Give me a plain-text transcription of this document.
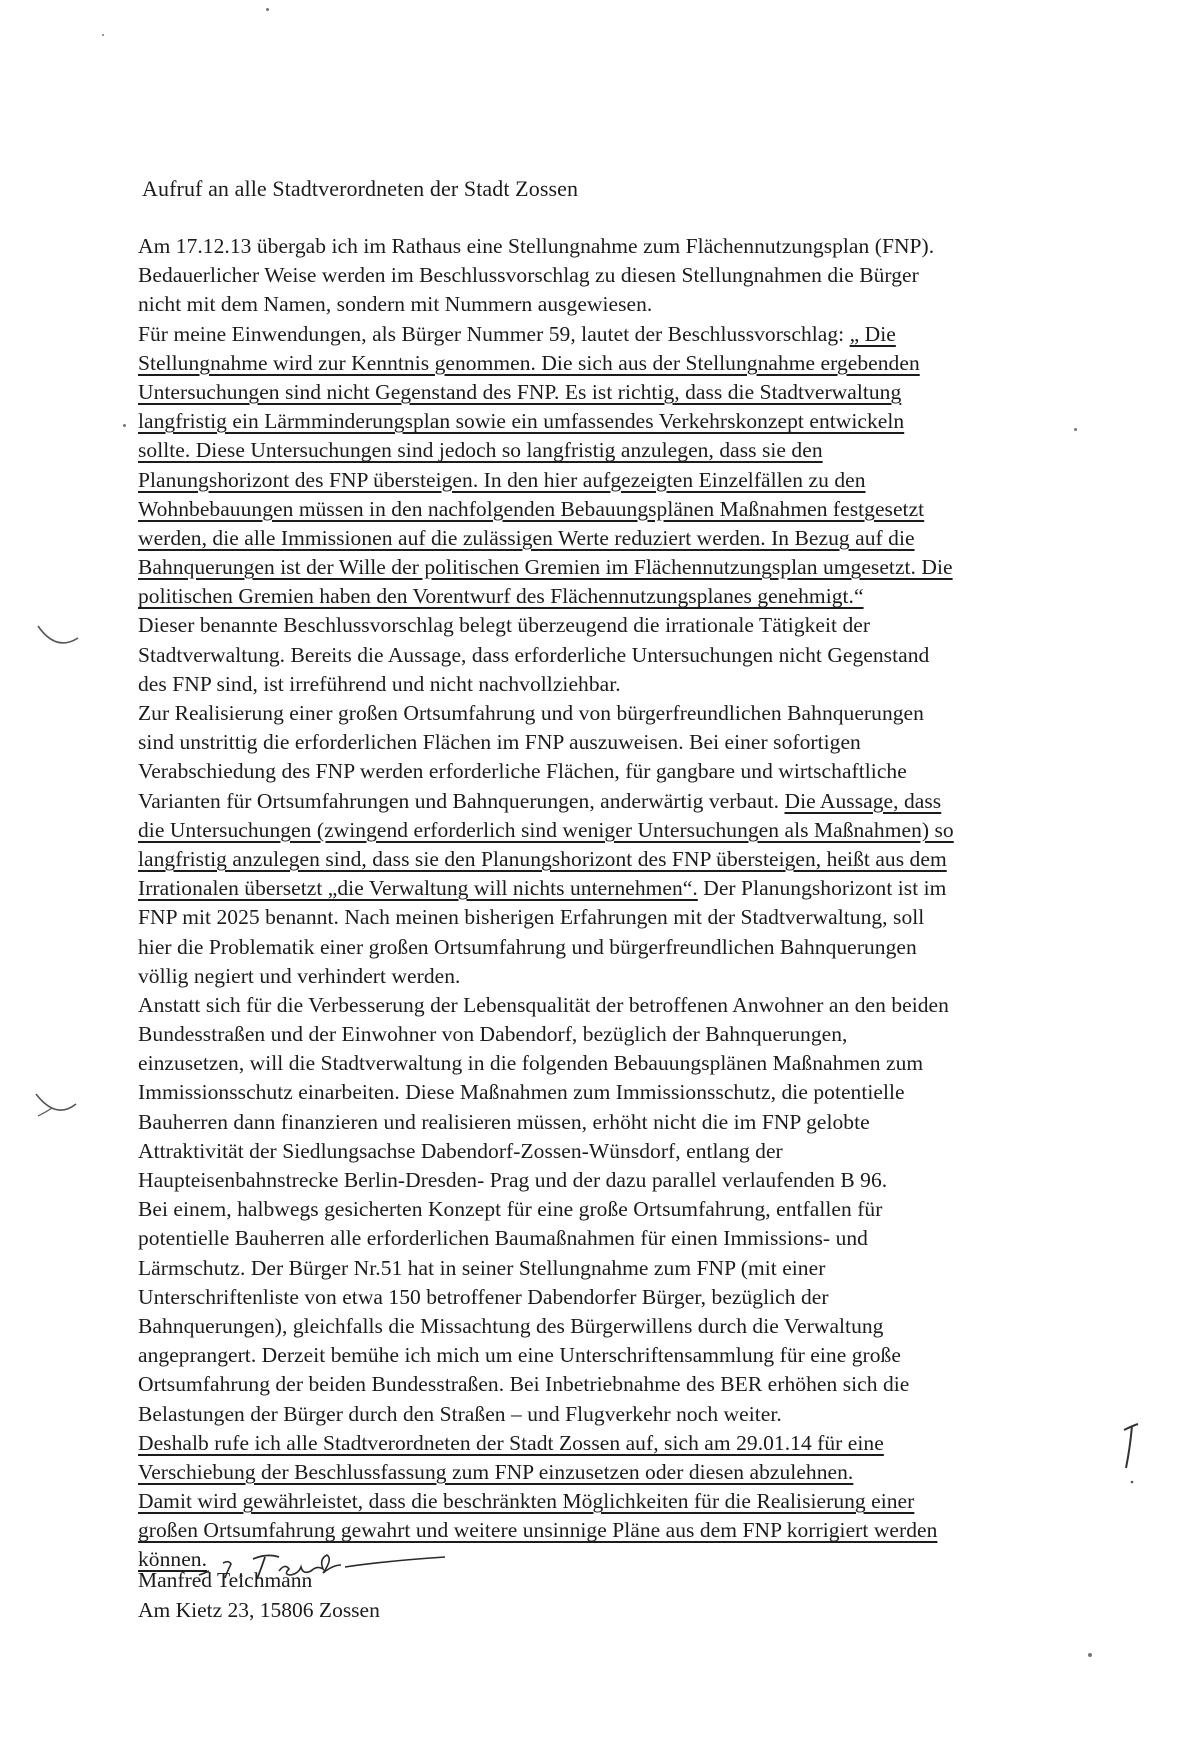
Aufruf an alle Stadtverordneten der Stadt Zossen
Am 17.12.13 übergab ich im Rathaus eine Stellungnahme zum Flächennutzungsplan (FNP).
Bedauerlicher Weise werden im Beschlussvorschlag zu diesen Stellungnahmen die Bürger
nicht mit dem Namen, sondern mit Nummern ausgewiesen.
Für meine Einwendungen, als Bürger Nummer 59, lautet der Beschlussvorschlag: „ Die
Stellungnahme wird zur Kenntnis genommen. Die sich aus der Stellungnahme ergebenden
Untersuchungen sind nicht Gegenstand des FNP. Es ist richtig, dass die Stadtverwaltung
langfristig ein Lärmminderungsplan sowie ein umfassendes Verkehrskonzept entwickeln
sollte. Diese Untersuchungen sind jedoch so langfristig anzulegen, dass sie den
Planungshorizont des FNP übersteigen. In den hier aufgezeigten Einzelfällen zu den
Wohnbebauungen müssen in den nachfolgenden Bebauungsplänen Maßnahmen festgesetzt
werden, die alle Immissionen auf die zulässigen Werte reduziert werden. In Bezug auf die
Bahnquerungen ist der Wille der politischen Gremien im Flächennutzungsplan umgesetzt. Die
politischen Gremien haben den Vorentwurf des Flächennutzungsplanes genehmigt.“
Dieser benannte Beschlussvorschlag belegt überzeugend die irrationale Tätigkeit der
Stadtverwaltung. Bereits die Aussage, dass erforderliche Untersuchungen nicht Gegenstand
des FNP sind, ist irreführend und nicht nachvollziehbar.
Zur Realisierung einer großen Ortsumfahrung und von bürgerfreundlichen Bahnquerungen
sind unstrittig die erforderlichen Flächen im FNP auszuweisen. Bei einer sofortigen
Verabschiedung des FNP werden erforderliche Flächen, für gangbare und wirtschaftliche
Varianten für Ortsumfahrungen und Bahnquerungen, anderwärtig verbaut. Die Aussage, dass
die Untersuchungen (zwingend erforderlich sind weniger Untersuchungen als Maßnahmen) so
langfristig anzulegen sind, dass sie den Planungshorizont des FNP übersteigen, heißt aus dem
Irrationalen übersetzt „die Verwaltung will nichts unternehmen“. Der Planungshorizont ist im
FNP mit 2025 benannt. Nach meinen bisherigen Erfahrungen mit der Stadtverwaltung, soll
hier die Problematik einer großen Ortsumfahrung und bürgerfreundlichen Bahnquerungen
völlig negiert und verhindert werden.
Anstatt sich für die Verbesserung der Lebensqualität der betroffenen Anwohner an den beiden
Bundesstraßen und der Einwohner von Dabendorf, bezüglich der Bahnquerungen,
einzusetzen, will die Stadtverwaltung in die folgenden Bebauungsplänen Maßnahmen zum
Immissionsschutz einarbeiten. Diese Maßnahmen zum Immissionsschutz, die potentielle
Bauherren dann finanzieren und realisieren müssen, erhöht nicht die im FNP gelobte
Attraktivität der Siedlungsachse Dabendorf-Zossen-Wünsdorf, entlang der
Haupteisenbahnstrecke Berlin-Dresden- Prag und der dazu parallel verlaufenden B 96.
Bei einem, halbwegs gesicherten Konzept für eine große Ortsumfahrung, entfallen für
potentielle Bauherren alle erforderlichen Baumaßnahmen für einen Immissions- und
Lärmschutz. Der Bürger Nr.51 hat in seiner Stellungnahme zum FNP (mit einer
Unterschriftenliste von etwa 150 betroffener Dabendorfer Bürger, bezüglich der
Bahnquerungen), gleichfalls die Missachtung des Bürgerwillens durch die Verwaltung
angeprangert. Derzeit bemühe ich mich um eine Unterschriftensammlung für eine große
Ortsumfahrung der beiden Bundesstraßen. Bei Inbetriebnahme des BER erhöhen sich die
Belastungen der Bürger durch den Straßen – und Flugverkehr noch weiter.
Deshalb rufe ich alle Stadtverordneten der Stadt Zossen auf, sich am 29.01.14 für eine
Verschiebung der Beschlussfassung zum FNP einzusetzen oder diesen abzulehnen.
Damit wird gewährleistet, dass die beschränkten Möglichkeiten für die Realisierung einer
großen Ortsumfahrung gewahrt und weitere unsinnige Pläne aus dem FNP korrigiert werden
können.
Manfred Teichmann
Am Kietz 23, 15806 Zossen
